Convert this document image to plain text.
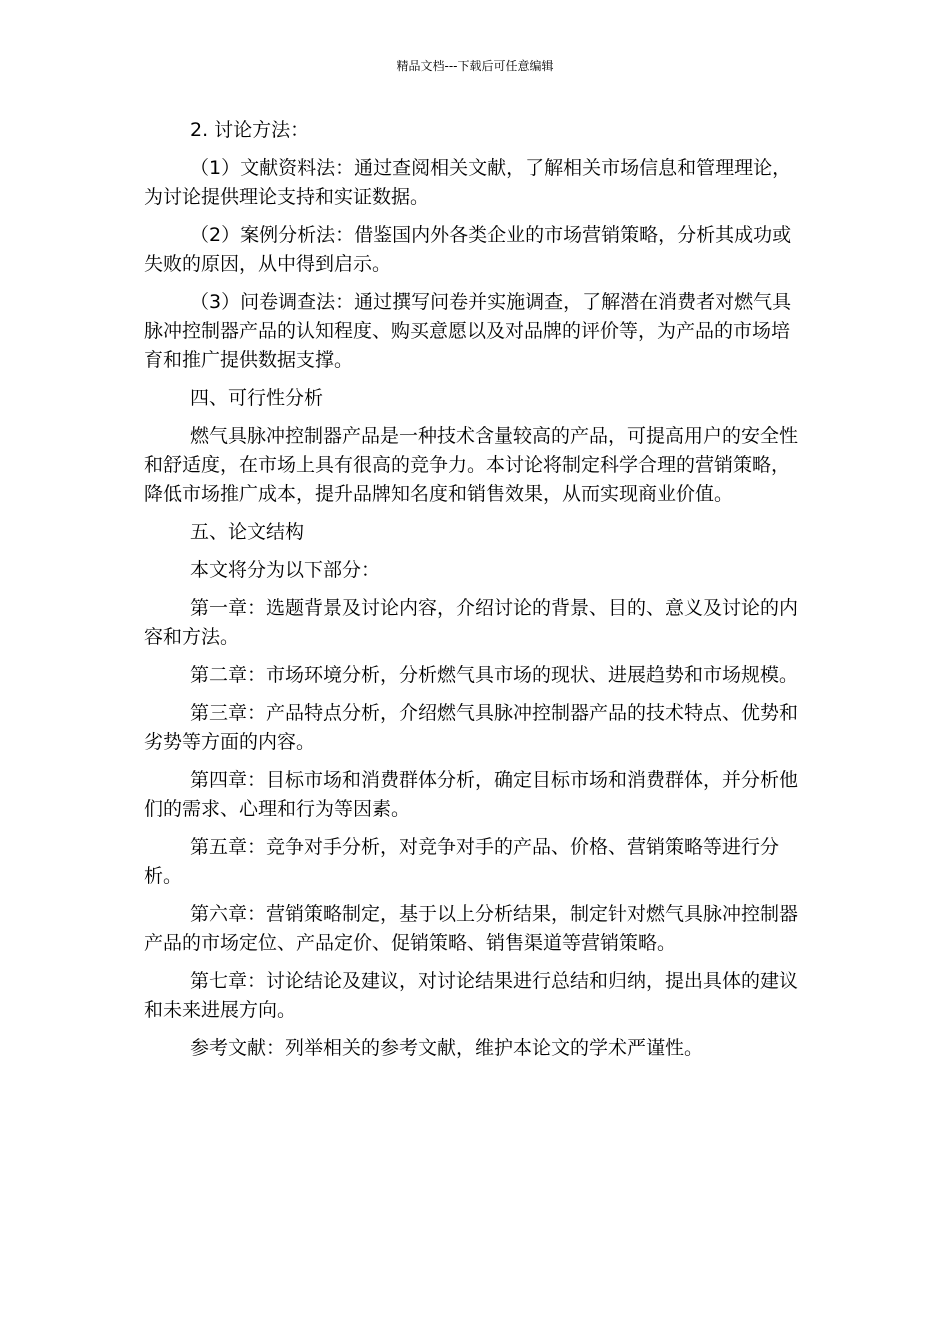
精品文档---下载后可任意编辑

2. 讨论方法：

（1）文献资料法：通过查阅相关文献，了解相关市场信息和管理理论，为讨论提供理论支持和实证数据。

（2）案例分析法：借鉴国内外各类企业的市场营销策略，分析其成功或失败的原因，从中得到启示。

（3）问卷调查法：通过撰写问卷并实施调查，了解潜在消费者对燃气具脉冲控制器产品的认知程度、购买意愿以及对品牌的评价等，为产品的市场培育和推广提供数据支撑。

四、可行性分析

燃气具脉冲控制器产品是一种技术含量较高的产品，可提高用户的安全性和舒适度，在市场上具有很高的竞争力。本讨论将制定科学合理的营销策略，降低市场推广成本，提升品牌知名度和销售效果，从而实现商业价值。

五、论文结构

本文将分为以下部分：

第一章：选题背景及讨论内容，介绍讨论的背景、目的、意义及讨论的内容和方法。

第二章：市场环境分析，分析燃气具市场的现状、进展趋势和市场规模。

第三章：产品特点分析，介绍燃气具脉冲控制器产品的技术特点、优势和劣势等方面的内容。

第四章：目标市场和消费群体分析，确定目标市场和消费群体，并分析他们的需求、心理和行为等因素。

第五章：竞争对手分析，对竞争对手的产品、价格、营销策略等进行分析。

第六章：营销策略制定，基于以上分析结果，制定针对燃气具脉冲控制器产品的市场定位、产品定价、促销策略、销售渠道等营销策略。

第七章：讨论结论及建议，对讨论结果进行总结和归纳，提出具体的建议和未来进展方向。

参考文献：列举相关的参考文献，维护本论文的学术严谨性。
